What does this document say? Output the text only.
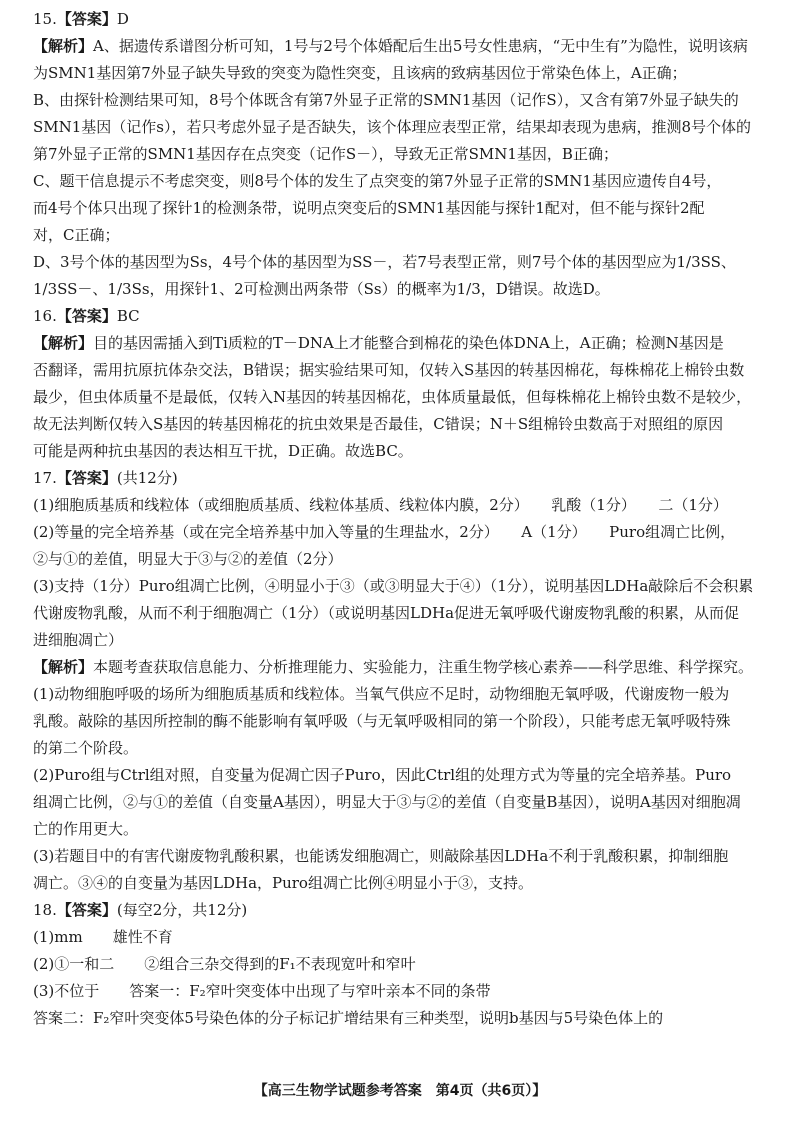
15.【答案】D
【解析】A、据遗传系谱图分析可知，1号与2号个体婚配后生出5号女性患病，“无中生有”为隐性，说明该病
为SMN1基因第7外显子缺失导致的突变为隐性突变，且该病的致病基因位于常染色体上，A正确；
B、由探针检测结果可知，8号个体既含有第7外显子正常的SMN1基因（记作S），又含有第7外显子缺失的
SMN1基因（记作s），若只考虑外显子是否缺失，该个体理应表型正常，结果却表现为患病，推测8号个体的
第7外显子正常的SMN1基因存在点突变（记作S－），导致无正常SMN1基因，B正确；
C、题干信息提示不考虑突变，则8号个体的发生了点突变的第7外显子正常的SMN1基因应遗传自4号，
而4号个体只出现了探针1的检测条带，说明点突变后的SMN1基因能与探针1配对，但不能与探针2配
对，C正确；
D、3号个体的基因型为Ss，4号个体的基因型为SS－，若7号表型正常，则7号个体的基因型应为1/3SS、
1/3SS－、1/3Ss，用探针1、2可检测出两条带（Ss）的概率为1/3，D错误。故选D。
16.【答案】BC
【解析】目的基因需插入到Ti质粒的T－DNA上才能整合到棉花的染色体DNA上，A正确；检测N基因是
否翻译，需用抗原抗体杂交法，B错误；据实验结果可知，仅转入S基因的转基因棉花，每株棉花上棉铃虫数
最少，但虫体质量不是最低，仅转入N基因的转基因棉花，虫体质量最低，但每株棉花上棉铃虫数不是较少，
故无法判断仅转入S基因的转基因棉花的抗虫效果是否最佳，C错误；N＋S组棉铃虫数高于对照组的原因
可能是两种抗虫基因的表达相互干扰，D正确。故选BC。
17.【答案】(共12分)
(1)细胞质基质和线粒体（或细胞质基质、线粒体基质、线粒体内膜，2分）　　乳酸（1分）　　二（1分）
(2)等量的完全培养基（或在完全培养基中加入等量的生理盐水，2分）　　A（1分）　　Puro组凋亡比例，
②与①的差值，明显大于③与②的差值（2分）
(3)支持（1分）Puro组凋亡比例，④明显小于③（或③明显大于④）（1分），说明基因LDHa敲除后不会积累
代谢废物乳酸，从而不利于细胞凋亡（1分）（或说明基因LDHa促进无氧呼吸代谢废物乳酸的积累，从而促
进细胞凋亡）
【解析】本题考查获取信息能力、分析推理能力、实验能力，注重生物学核心素养——科学思维、科学探究。
(1)动物细胞呼吸的场所为细胞质基质和线粒体。当氧气供应不足时，动物细胞无氧呼吸，代谢废物一般为
乳酸。敲除的基因所控制的酶不能影响有氧呼吸（与无氧呼吸相同的第一个阶段），只能考虑无氧呼吸特殊
的第二个阶段。
(2)Puro组与Ctrl组对照，自变量为促凋亡因子Puro，因此Ctrl组的处理方式为等量的完全培养基。Puro
组凋亡比例，②与①的差值（自变量A基因），明显大于③与②的差值（自变量B基因），说明A基因对细胞凋
亡的作用更大。
(3)若题目中的有害代谢废物乳酸积累，也能诱发细胞凋亡，则敲除基因LDHa不利于乳酸积累，抑制细胞
凋亡。③④的自变量为基因LDHa，Puro组凋亡比例④明显小于③，支持。
18.【答案】(每空2分，共12分)
(1)mm　　雄性不育
(2)①一和二　　②组合三杂交得到的F₁不表现宽叶和窄叶
(3)不位于　　答案一：F₂窄叶突变体中出现了与窄叶亲本不同的条带
答案二：F₂窄叶突变体5号染色体的分子标记扩增结果有三种类型，说明b基因与5号染色体上的
【高三生物学试题参考答案　第4页（共6页）】
